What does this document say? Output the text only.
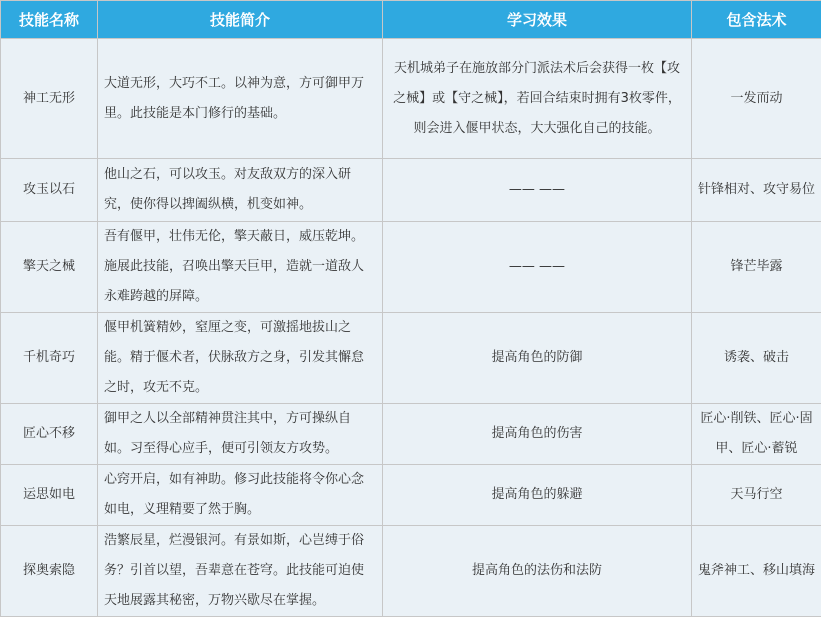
技能名称	技能简介	学习效果	包含法术
神工无形	大道无形，大巧不工。以神为意，方可御甲万里。此技能是本门修行的基础。	天机城弟子在施放部分门派法术后会获得一枚【攻之械】或【守之械】，若回合结束时拥有3枚零件，则会进入偃甲状态，大大强化自己的技能。	一发而动
攻玉以石	他山之石，可以攻玉。对友敌双方的深入研究，使你得以捭阖纵横，机变如神。	—— ——	针锋相对、攻守易位
擎天之械	吾有偃甲，壮伟无伦，擎天蔽日，威压乾坤。施展此技能，召唤出擎天巨甲，造就一道敌人永难跨越的屏障。	—— ——	锋芒毕露
千机奇巧	偃甲机簧精妙，窒厘之变，可激摇地拔山之能。精于偃术者，伏脉敌方之身，引发其懈怠之时，攻无不克。	提高角色的防御	诱袭、破击
匠心不移	御甲之人以全部精神贯注其中，方可操纵自如。习至得心应手，便可引领友方攻势。	提高角色的伤害	匠心·削铁、匠心·固甲、匠心·蓄锐
运思如电	心窍开启，如有神助。修习此技能将令你心念如电，义理精要了然于胸。	提高角色的躲避	天马行空
探奥索隐	浩繁辰星，烂漫银河。有景如斯，心岂缚于俗务？引首以望，吾辈意在苍穹。此技能可迫使天地展露其秘密，万物兴歇尽在掌握。	提高角色的法伤和法防	鬼斧神工、移山填海
